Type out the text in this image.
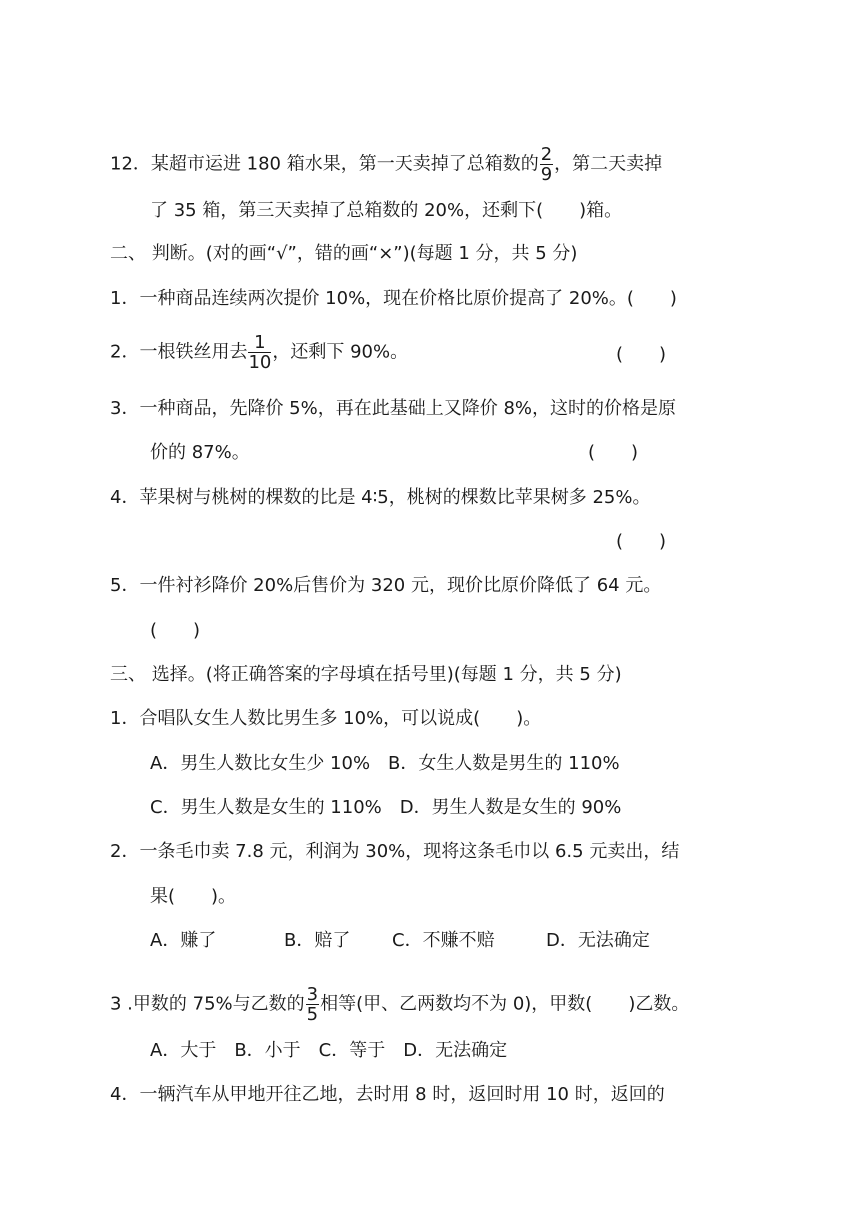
12．某超市运进 180 箱水果，第一天卖掉了总箱数的 $\frac{2}{9}$ ，第二天卖掉
了 35 箱，第三天卖掉了总箱数的 20%，还剩下(　　)箱。
二、 判断。(对的画“√”，错的画“×”)(每题 1 分，共 5 分)
1．一种商品连续两次提价 10%，现在价格比原价提高了 20%。(　　)
2．一根铁丝用去 $\frac{1}{10}$ ，还剩下 90%。	(　　)
3．一种商品，先降价 5%，再在此基础上又降价 8%，这时的价格是原
价的 87%。	(　　)
4．苹果树与桃树的棵数的比是 4∶5，桃树的棵数比苹果树多 25%。
(　　)
5．一件衬衫降价 20%后售价为 320 元，现价比原价降低了 64 元。
(　　)
三、 选择。(将正确答案的字母填在括号里)(每题 1 分，共 5 分)
1．合唱队女生人数比男生多 10%，可以说成(　　)。
A．男生人数比女生少 10%　B．女生人数是男生的 110%
C．男生人数是女生的 110%　D．男生人数是女生的 90%
2．一条毛巾卖 7.8 元，利润为 30%，现将这条毛巾以 6.5 元卖出，结
果(　　)。
A．赚了	B．赔了 C．不赚不赔	D．无法确定
3 .甲数的 75%与乙数的 $\frac{3}{5}$ 相等(甲、乙两数均不为 0)，甲数(　　)乙数。
A．大于　B．小于　C．等于　D．无法确定
4．一辆汽车从甲地开往乙地，去时用 8 时，返回时用 10 时，返回的
